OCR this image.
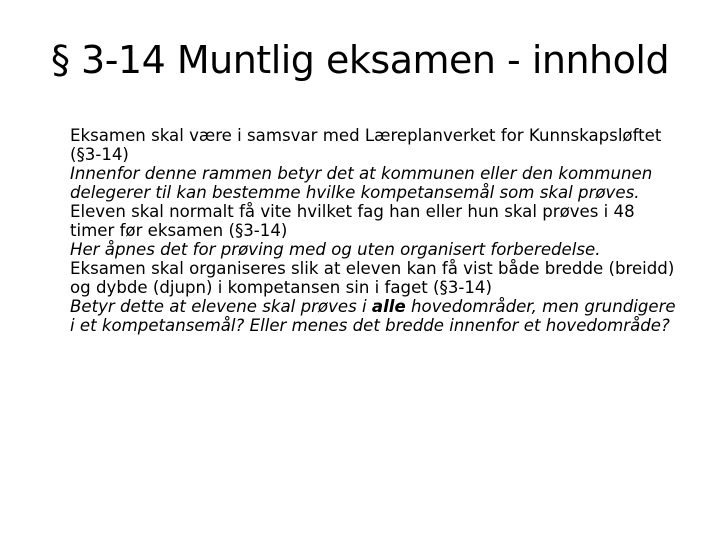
§ 3-14 Muntlig eksamen - innhold

Eksamen skal være i samsvar med Læreplanverket for Kunnskapsløftet (§3-14)

Innenfor denne rammen betyr det at kommunen eller den kommunen delegerer til kan bestemme hvilke kompetansemål som skal prøves.

Eleven skal normalt få vite hvilket fag han eller hun skal prøves i 48 timer før eksamen (§3-14)

Her åpnes det for prøving med og uten organisert forberedelse.

Eksamen skal organiseres slik at eleven kan få vist både bredde (breidd) og dybde (djupn) i kompetansen sin i faget (§3-14)

Betyr dette at elevene skal prøves i alle hovedområder, men grundigere i et kompetansemål? Eller menes det bredde innenfor et hovedområde?
